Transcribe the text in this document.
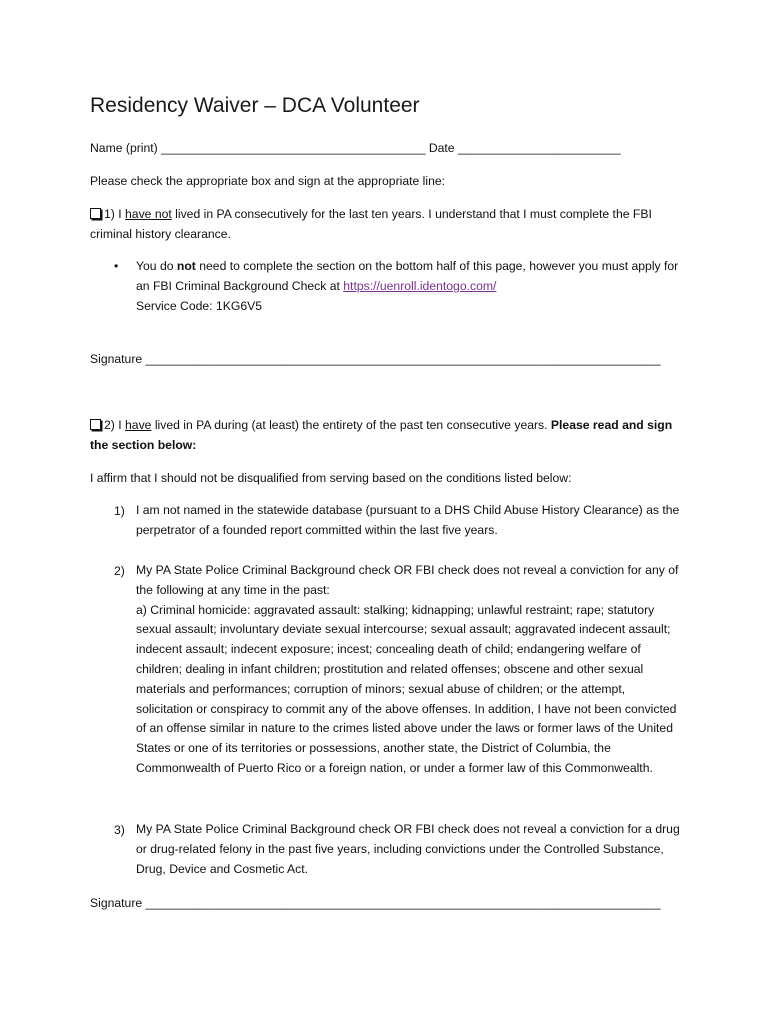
Residency Waiver – DCA Volunteer
Name (print) _______________________________________ Date ________________________
Please check the appropriate box and sign at the appropriate line:
1) I have not lived in PA consecutively for the last ten years. I understand that I must complete the FBI criminal history clearance.
• You do not need to complete the section on the bottom half of this page, however you must apply for an FBI Criminal Background Check at https://uenroll.identogo.com/
Service Code: 1KG6V5
Signature ____________________________________________________________________________
2) I have lived in PA during (at least) the entirety of the past ten consecutive years. Please read and sign the section below:
I affirm that I should not be disqualified from serving based on the conditions listed below:
1) I am not named in the statewide database (pursuant to a DHS Child Abuse History Clearance) as the perpetrator of a founded report committed within the last five years.
2) My PA State Police Criminal Background check OR FBI check does not reveal a conviction for any of the following at any time in the past:
a) Criminal homicide: aggravated assault: stalking; kidnapping; unlawful restraint; rape; statutory sexual assault; involuntary deviate sexual intercourse; sexual assault; aggravated indecent assault; indecent assault; indecent exposure; incest; concealing death of child; endangering welfare of children; dealing in infant children; prostitution and related offenses; obscene and other sexual materials and performances; corruption of minors; sexual abuse of children; or the attempt, solicitation or conspiracy to commit any of the above offenses. In addition, I have not been convicted of an offense similar in nature to the crimes listed above under the laws or former laws of the United States or one of its territories or possessions, another state, the District of Columbia, the Commonwealth of Puerto Rico or a foreign nation, or under a former law of this Commonwealth.
3) My PA State Police Criminal Background check OR FBI check does not reveal a conviction for a drug or drug-related felony in the past five years, including convictions under the Controlled Substance, Drug, Device and Cosmetic Act.
Signature ____________________________________________________________________________
